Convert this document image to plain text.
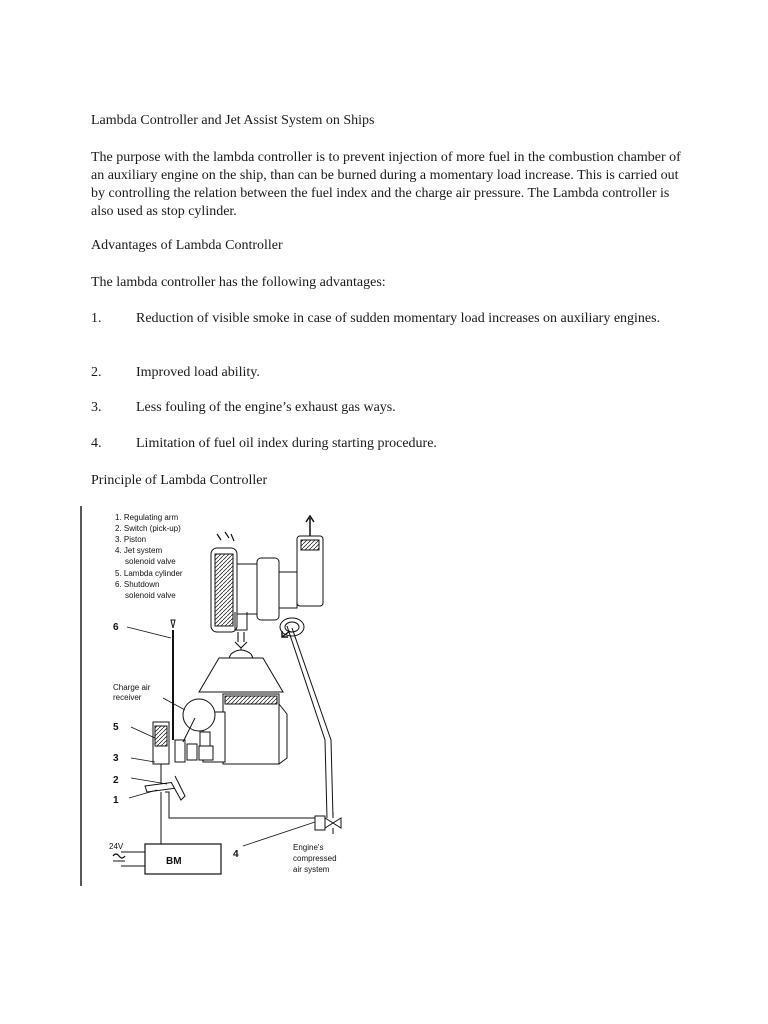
Lambda Controller and Jet Assist System on Ships

The purpose with the lambda controller is to prevent injection of more fuel in the combustion chamber of an auxiliary engine on the ship, than can be burned during a momentary load increase. This is carried out by controlling the relation between the fuel index and the charge air pressure. The Lambda controller is also used as stop cylinder.

Advantages of Lambda Controller

The lambda controller has the following advantages:

1.	Reduction of visible smoke in case of sudden momentary load increases on auxiliary engines.
2.	Improved load ability.
3.	Less fouling of the engine’s exhaust gas ways.
4.	Limitation of fuel oil index during starting procedure.

Principle of Lambda Controller

1. Regulating arm
2. Switch (pick-up)
3. Piston
4. Jet system
solenoid valve
5. Lambda cylinder
6. Shutdown
solenoid valve
BM
24V
6
5
3
2
1
4
Charge air
receiver
Engine's
compressed
air system
